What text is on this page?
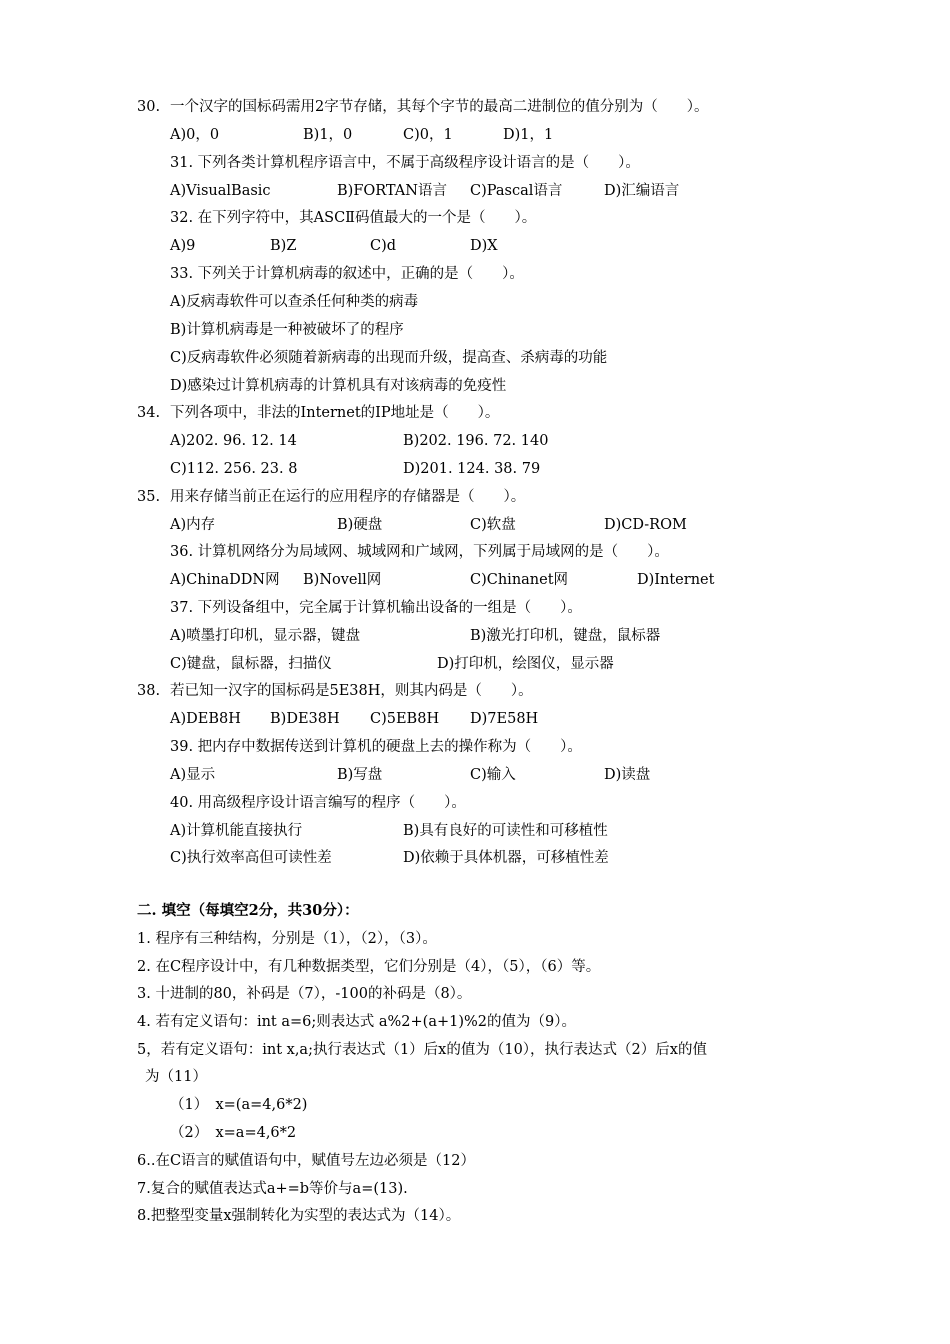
30. 一个汉字的国标码需用2字节存储，其每个字节的最高二进制位的值分别为（　　）。
A)0，0	B)1，0	C)0，1	D)1，1
31. 下列各类计算机程序语言中，不属于高级程序设计语言的是（　　）。
A)VisualBasic	B)FORTAN语言 C)Pascal语言	D)汇编语言
32. 在下列字符中，其ASCⅡ码值最大的一个是（　　）。
A)9	B)Z	C)d	D)X
33. 下列关于计算机病毒的叙述中，正确的是（　　）。
A)反病毒软件可以查杀任何种类的病毒
B)计算机病毒是一种被破坏了的程序
C)反病毒软件必须随着新病毒的出现而升级，提高查、杀病毒的功能
D)感染过计算机病毒的计算机具有对该病毒的免疫性
34. 下列各项中，非法的Internet的IP地址是（　　）。
A)202. 96. 12. 14	B)202. 196. 72. 140
C)112. 256. 23. 8	D)201. 124. 38. 79
35. 用来存储当前正在运行的应用程序的存储器是（　　）。
A)内存	B)硬盘	C)软盘	D)CD-ROM
36. 计算机网络分为局域网、城域网和广域网，下列属于局域网的是（　　）。
A)ChinaDDN网 B)Novell网	C)Chinanet网	D)Internet
37. 下列设备组中，完全属于计算机输出设备的一组是（　　）。
A)喷墨打印机，显示器，键盘	B)激光打印机，键盘，鼠标器
C)键盘，鼠标器，扫描仪	D)打印机，绘图仪，显示器
38. 若已知一汉字的国标码是5E38H，则其内码是（　　）。
A)DEB8H B)DE38H C)5EB8H D)7E58H
39. 把内存中数据传送到计算机的硬盘上去的操作称为（　　）。
A)显示	B)写盘	C)输入	D)读盘
40. 用高级程序设计语言编写的程序（　　）。
A)计算机能直接执行	B)具有良好的可读性和可移植性
C)执行效率高但可读性差	D)依赖于具体机器，可移植性差
二. 填空（每填空2分，共30分）：
1. 程序有三种结构，分别是（1），（2），（3）。
2. 在C程序设计中，有几种数据类型，它们分别是（4），（5），（6）等。
3. 十进制的80，补码是（7），-100的补码是（8）。
4. 若有定义语句：int a=6;则表达式 a%2+(a+1)%2的值为（9）。
5，若有定义语句：int x,a;执行表达式（1）后x的值为（10），执行表达式（2）后x的值
为（11）
（1）　x=(a=4,6*2)
（2）　x=a=4,6*2
6..在C语言的赋值语句中，赋值号左边必须是（12）
7.复合的赋值表达式a+=b等价与a=(13).
8.把整型变量x强制转化为实型的表达式为（14）。
